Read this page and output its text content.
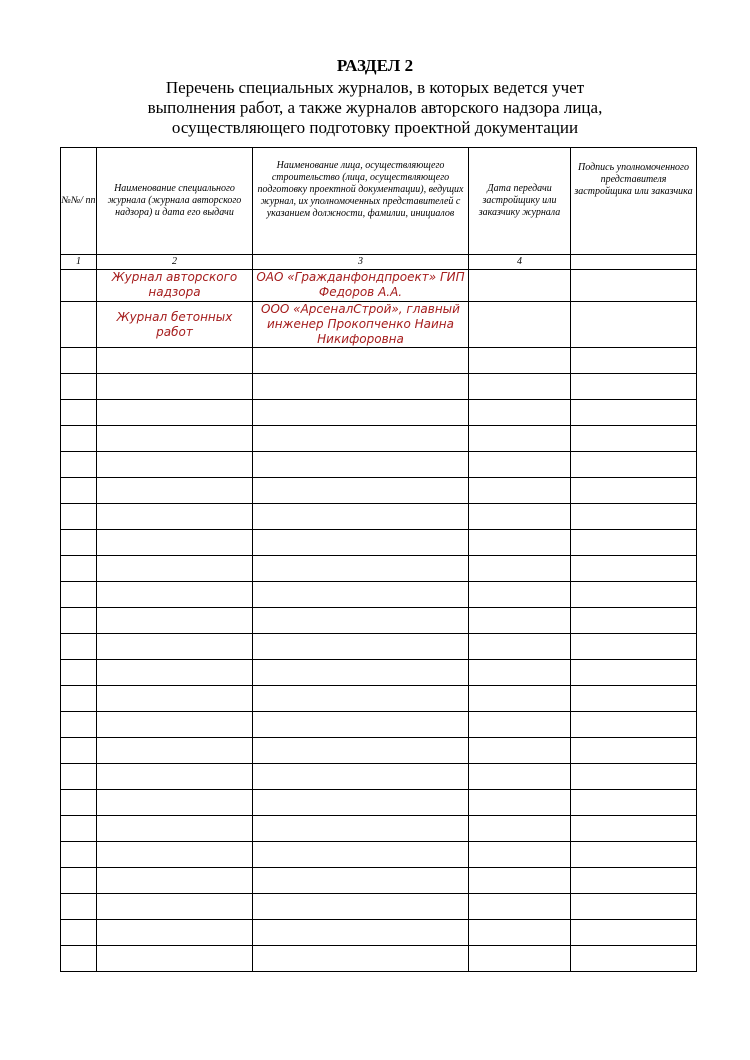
РАЗДЕЛ 2
Перечень специальных журналов, в которых ведется учет
выполнения работ, а также журналов авторского надзора лица,
осуществляющего подготовку проектной документации
№№/ пп	Наименование специального журнала (журнала авторского надзора) и дата его выдачи	Наименование лица, осуществляющего строительство (лица, осуществляющего подготовку проектной документации), ведущих журнал, их уполномоченных представителей с указанием должности, фамилии, инициалов	Дата передачи застройщику или заказчику журнала	Подпись уполномоченного представителя застройщика или заказчика
1	2	3	4	
	Журнал авторского надзора	ОАО «Гражданфондпроект» ГИП Федоров А.А.		
	Журнал бетонных работ	ООО «АрсеналСтрой», главный инженер Прокопченко Наина Никифоровна		
